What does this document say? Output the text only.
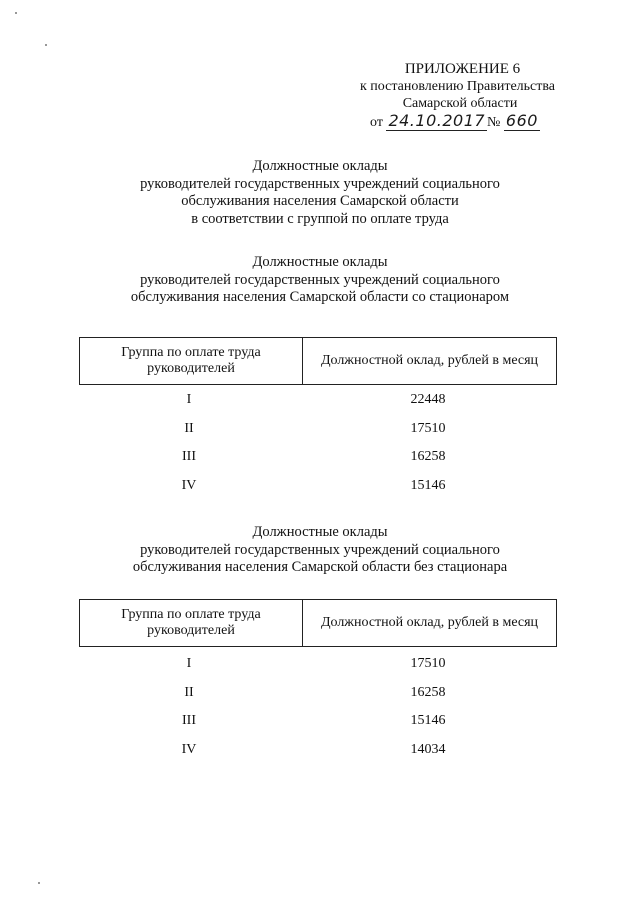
ПРИЛОЖЕНИЕ 6
к постановлению Правительства
Самарской области
от 24.10.2017 № 660
Должностные оклады
руководителей государственных учреждений социального
обслуживания населения Самарской области
в соответствии с группой по оплате труда
Должностные оклады
руководителей государственных учреждений социального
обслуживания населения Самарской области со стационаром
Группа по оплате труда руководителей	Должностной оклад, рублей в месяц
I	22448
II	17510
III	16258
IV	15146
Должностные оклады
руководителей государственных учреждений социального
обслуживания населения Самарской области без стационара
Группа по оплате труда руководителей	Должностной оклад, рублей в месяц
I	17510
II	16258
III	15146
IV	14034
